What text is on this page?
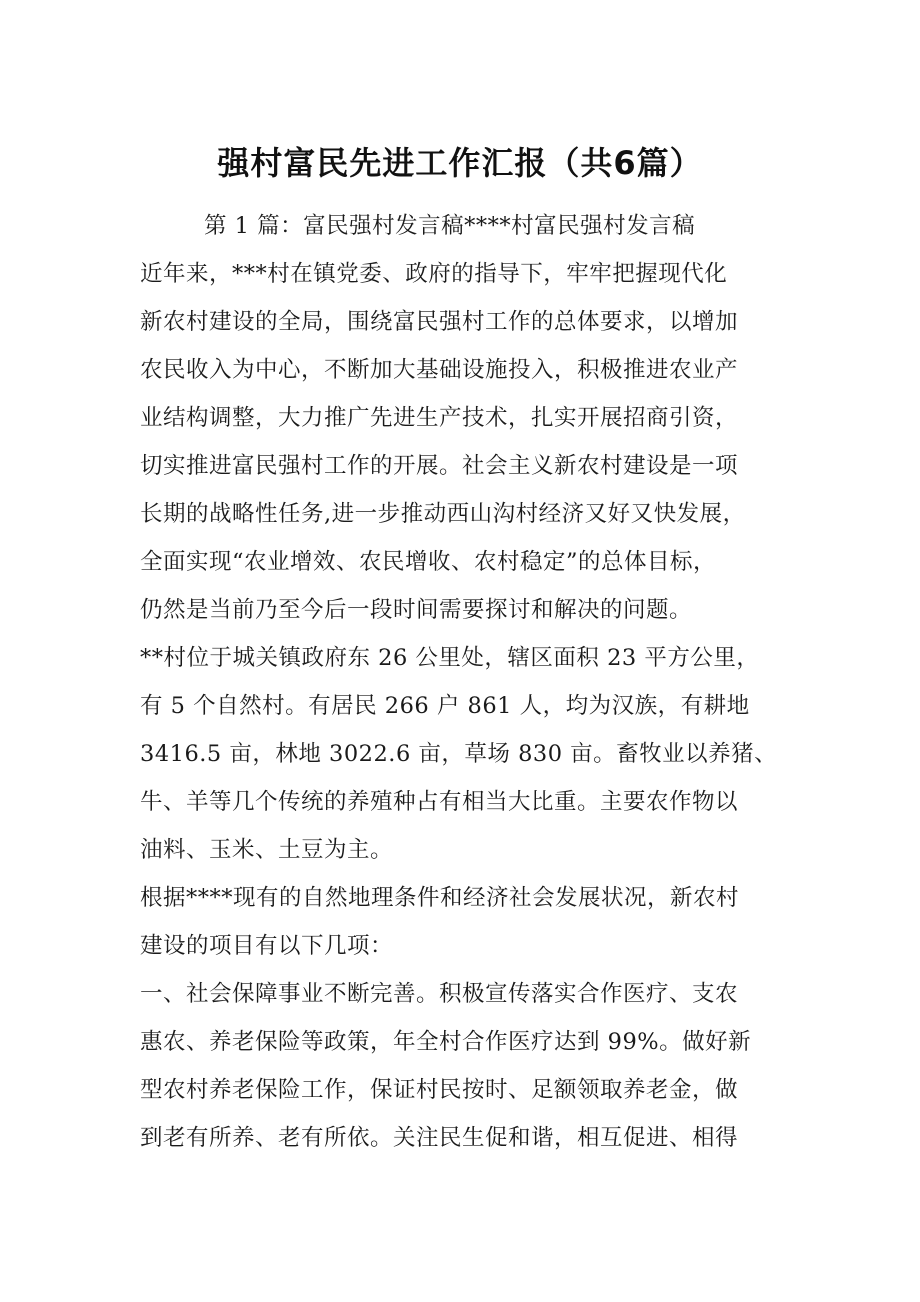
强村富民先进工作汇报（共6篇）
第 1 篇：富民强村发言稿****村富民强村发言稿
近年来，***村在镇党委、政府的指导下，牢牢把握现代化
新农村建设的全局，围绕富民强村工作的总体要求，以增加
农民收入为中心，不断加大基础设施投入，积极推进农业产
业结构调整，大力推广先进生产技术，扎实开展招商引资，
切实推进富民强村工作的开展。社会主义新农村建设是一项
长期的战略性任务,进一步推动西山沟村经济又好又快发展，
全面实现“农业增效、农民增收、农村稳定”的总体目标，
仍然是当前乃至今后一段时间需要探讨和解决的问题。
**村位于城关镇政府东 26 公里处，辖区面积 23 平方公里，
有 5 个自然村。有居民 266 户 861 人，均为汉族，有耕地
3416.5 亩，林地 3022.6 亩，草场 830 亩。畜牧业以养猪、
牛、羊等几个传统的养殖种占有相当大比重。主要农作物以
油料、玉米、土豆为主。
根据****现有的自然地理条件和经济社会发展状况，新农村
建设的项目有以下几项：
一、社会保障事业不断完善。积极宣传落实合作医疗、支农
惠农、养老保险等政策，年全村合作医疗达到 99%。做好新
型农村养老保险工作，保证村民按时、足额领取养老金，做
到老有所养、老有所依。关注民生促和谐，相互促进、相得
